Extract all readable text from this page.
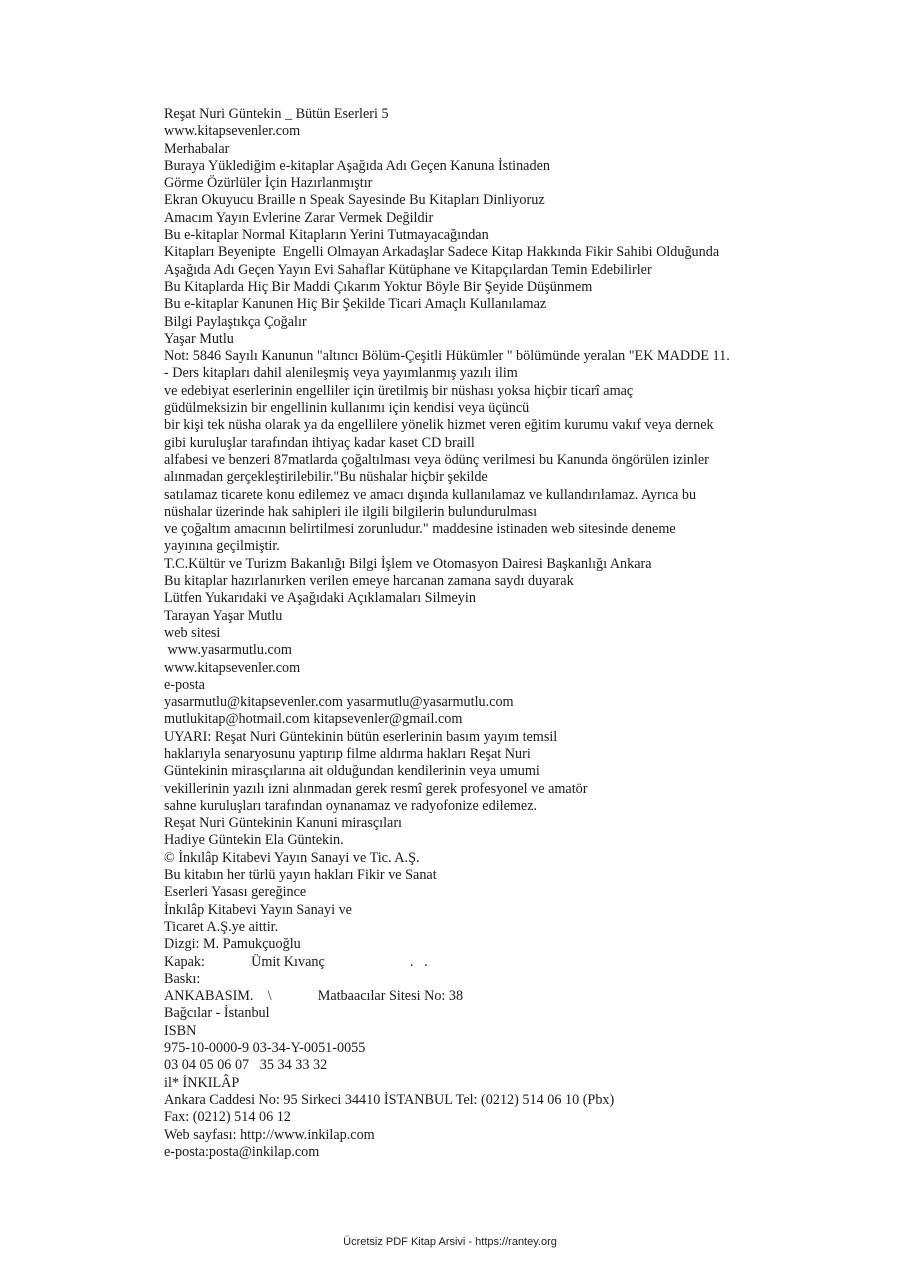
Reşat Nuri Güntekin _ Bütün Eserleri 5
www.kitapsevenler.com
Merhabalar
Buraya Yüklediğim e-kitaplar Aşağıda Adı Geçen Kanuna İstinaden
Görme Özürlüler İçin Hazırlanmıştır
Ekran Okuyucu Braille n Speak Sayesinde Bu Kitapları Dinliyoruz
Amacım Yayın Evlerine Zarar Vermek Değildir
Bu e-kitaplar Normal Kitapların Yerini Tutmayacağından
Kitapları Beyenipte  Engelli Olmayan Arkadaşlar Sadece Kitap Hakkında Fikir Sahibi Olduğunda
Aşağıda Adı Geçen Yayın Evi Sahaflar Kütüphane ve Kitapçılardan Temin Edebilirler
Bu Kitaplarda Hiç Bir Maddi Çıkarım Yoktur Böyle Bir Şeyide Düşünmem
Bu e-kitaplar Kanunen Hiç Bir Şekilde Ticari Amaçlı Kullanılamaz
Bilgi Paylaştıkça Çoğalır
Yaşar Mutlu
Not: 5846 Sayılı Kanunun "altıncı Bölüm-Çeşitli Hükümler " bölümünde yeralan "EK MADDE 11.
- Ders kitapları dahil alenileşmiş veya yayımlanmış yazılı ilim
ve edebiyat eserlerinin engelliler için üretilmiş bir nüshası yoksa hiçbir ticarî amaç
güdülmeksizin bir engellinin kullanımı için kendisi veya üçüncü
bir kişi tek nüsha olarak ya da engellilere yönelik hizmet veren eğitim kurumu vakıf veya dernek
gibi kuruluşlar tarafından ihtiyaç kadar kaset CD braill
alfabesi ve benzeri 87matlarda çoğaltılması veya ödünç verilmesi bu Kanunda öngörülen izinler
alınmadan gerçekleştirilebilir."Bu nüshalar hiçbir şekilde
satılamaz ticarete konu edilemez ve amacı dışında kullanılamaz ve kullandırılamaz. Ayrıca bu
nüshalar üzerinde hak sahipleri ile ilgili bilgilerin bulundurulması
ve çoğaltım amacının belirtilmesi zorunludur." maddesine istinaden web sitesinde deneme
yayınına geçilmiştir.
T.C.Kültür ve Turizm Bakanlığı Bilgi İşlem ve Otomasyon Dairesi Başkanlığı Ankara
Bu kitaplar hazırlanırken verilen emeye harcanan zamana saydı duyarak
Lütfen Yukarıdaki ve Aşağıdaki Açıklamaları Silmeyin
Tarayan Yaşar Mutlu
web sitesi
www.yasarmutlu.com
www.kitapsevenler.com
e-posta
yasarmutlu@kitapsevenler.com yasarmutlu@yasarmutlu.com
mutlukitap@hotmail.com kitapsevenler@gmail.com
UYARI: Reşat Nuri Güntekinin bütün eserlerinin basım yayım temsil
haklarıyla senaryosunu yaptırıp filme aldırma hakları Reşat Nuri
Güntekinin mirasçılarına ait olduğundan kendilerinin veya umumi
vekillerinin yazılı izni alınmadan gerek resmî gerek profesyonel ve amatör
sahne kuruluşları tarafından oynanamaz ve radyofonize edilemez.
Reşat Nuri Güntekinin Kanuni mirasçıları
Hadiye Güntekin Ela Güntekin.
© İnkılâp Kitabevi Yayın Sanayi ve Tic. A.Ş.
Bu kitabın her türlü yayın hakları Fikir ve Sanat
Eserleri Yasası gereğince
İnkılâp Kitabevi Yayın Sanayi ve
Ticaret A.Ş.ye aittir.
Dizgi: M. Pamukçuoğlu
Kapak:             Ümit Kıvanç                        .   .
Baskı:
ANKABASIM.    \             Matbaacılar Sitesi No: 38
Bağcılar - İstanbul
ISBN
975-10-0000-9 03-34-Y-0051-0055
03 04 05 06 07   35 34 33 32
il* İNKILÂP
Ankara Caddesi No: 95 Sirkeci 34410 İSTANBUL Tel: (0212) 514 06 10 (Pbx)
Fax: (0212) 514 06 12
Web sayfası: http://www.inkilap.com
e-posta:posta@inkilap.com
Ücretsiz PDF Kitap Arsivi - https://rantey.org
